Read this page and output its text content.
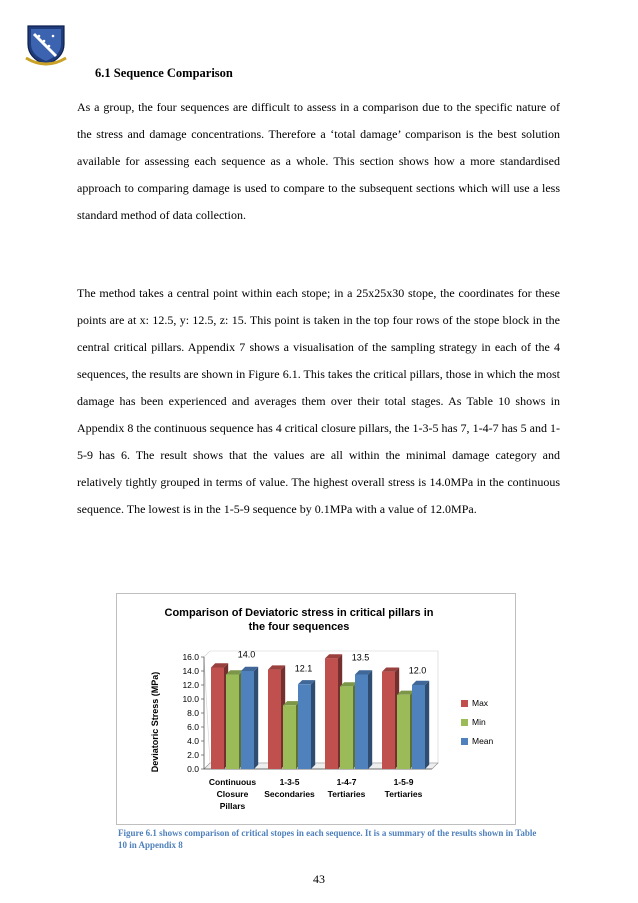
6.1 Sequence Comparison

As a group, the four sequences are difficult to assess in a comparison due to the specific nature of the stress and damage concentrations. Therefore a ‘total damage’ comparison is the best solution available for assessing each sequence as a whole. This section shows how a more standardised approach to comparing damage is used to compare to the subsequent sections which will use a less standard method of data collection.

The method takes a central point within each stope; in a 25x25x30 stope, the coordinates for these points are at x: 12.5, y: 12.5, z: 15. This point is taken in the top four rows of the stope block in the central critical pillars. Appendix 7 shows a visualisation of the sampling strategy in each of the 4 sequences, the results are shown in Figure 6.1. This takes the critical pillars, those in which the most damage has been experienced and averages them over their total stages. As Table 10 shows in Appendix 8 the continuous sequence has 4 critical closure pillars, the 1-3-5 has 7, 1-4-7 has 5 and 1-5-9 has 6. The result shows that the values are all within the minimal damage category and relatively tightly grouped in terms of value. The highest overall stress is 14.0MPa in the continuous sequence. The lowest is in the 1-5-9 sequence by 0.1MPa with a value of 12.0MPa.

Comparison of Deviatoric stress in critical pillars in
the four sequences
Deviatoric Stress (MPa)	0.0
2.0
4.0
6.0
8.0
10.0
12.0
14.0
16.0	14.0
Continuous
Closure
Pillars
12.1
1-3-5
Secondaries
13.5
1-4-7
Tertiaries
12.0
1-5-9
Tertiaries
Max
Min
Mean
Figure 6.1 shows comparison of critical stopes in each sequence. It is a summary of the results shown in Table 10 in Appendix 8
43
